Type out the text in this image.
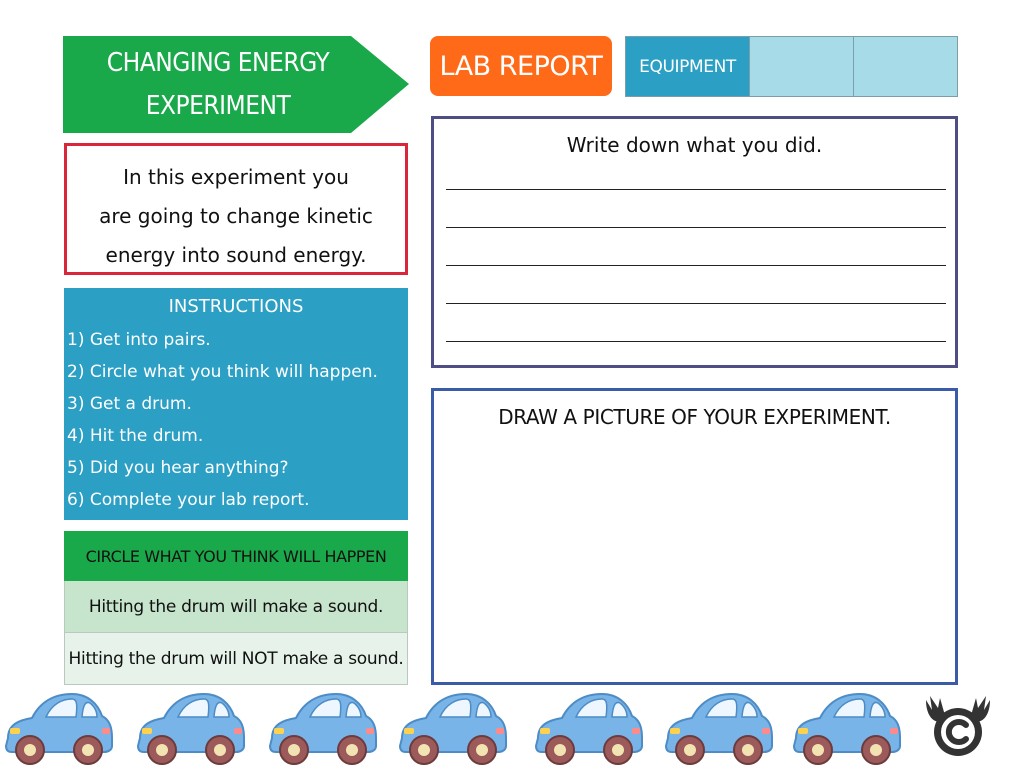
CHANGING ENERGY
EXPERIMENT
In this experiment you
are going to change kinetic
energy into sound energy.
INSTRUCTIONS
1) Get into pairs.
2) Circle what you think will happen.
3) Get a drum.
4) Hit the drum.
5) Did you hear anything?
6) Complete your lab report.
CIRCLE WHAT YOU THINK WILL HAPPEN
Hitting the drum will make a sound.
Hitting the drum will NOT make a sound.
LAB REPORT	EQUIPMENT
Write down what you did.
DRAW A PICTURE OF YOUR EXPERIMENT.
